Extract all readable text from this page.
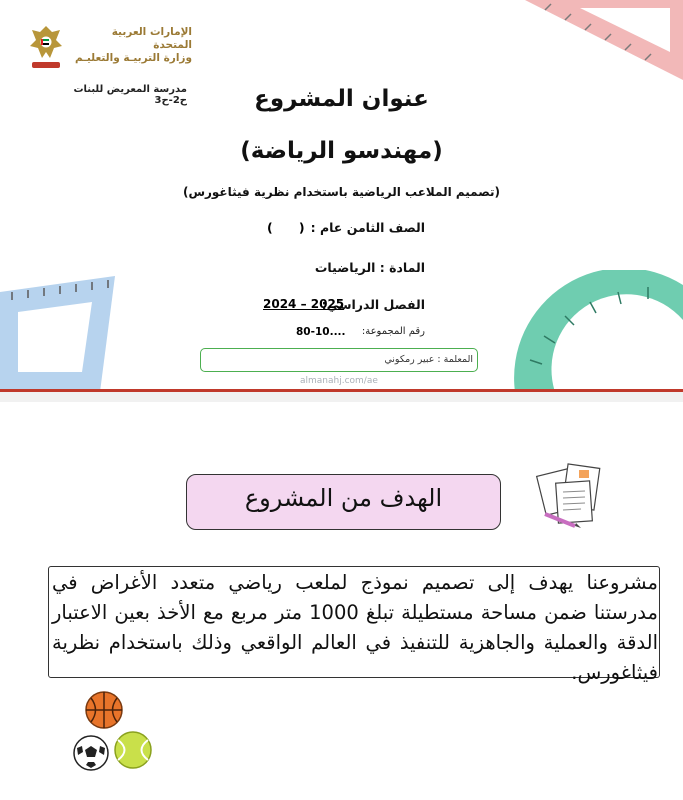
الإمارات العربية المتحدة
وزارة التربيـة والتعليـم
مدرسة المعريض للبنات ح2-ح3	عنوان المشروع
(مهندسو الرياضة)
(تصميم الملاعب الرياضية باستخدام نظرية فيثاغورس)
الصف الثامن عام :
(      )
المادة : الرياضيات
الفصل الدراسي:
2024 – 2025
رقم المجموعة:
80-10....
المعلمة : عبير رمكوني
almanahj.com/ae
الهدف من المشروع
مشروعنا يهدف إلى تصميم نموذج لملعب رياضي متعدد الأغراض في مدرستنا ضمن مساحة مستطيلة تبلغ 1000 متر مربع مع الأخذ بعين الاعتبار الدقة والعملية والجاهزية للتنفيذ في العالم الواقعي وذلك باستخدام نظرية فيثاغورس.
